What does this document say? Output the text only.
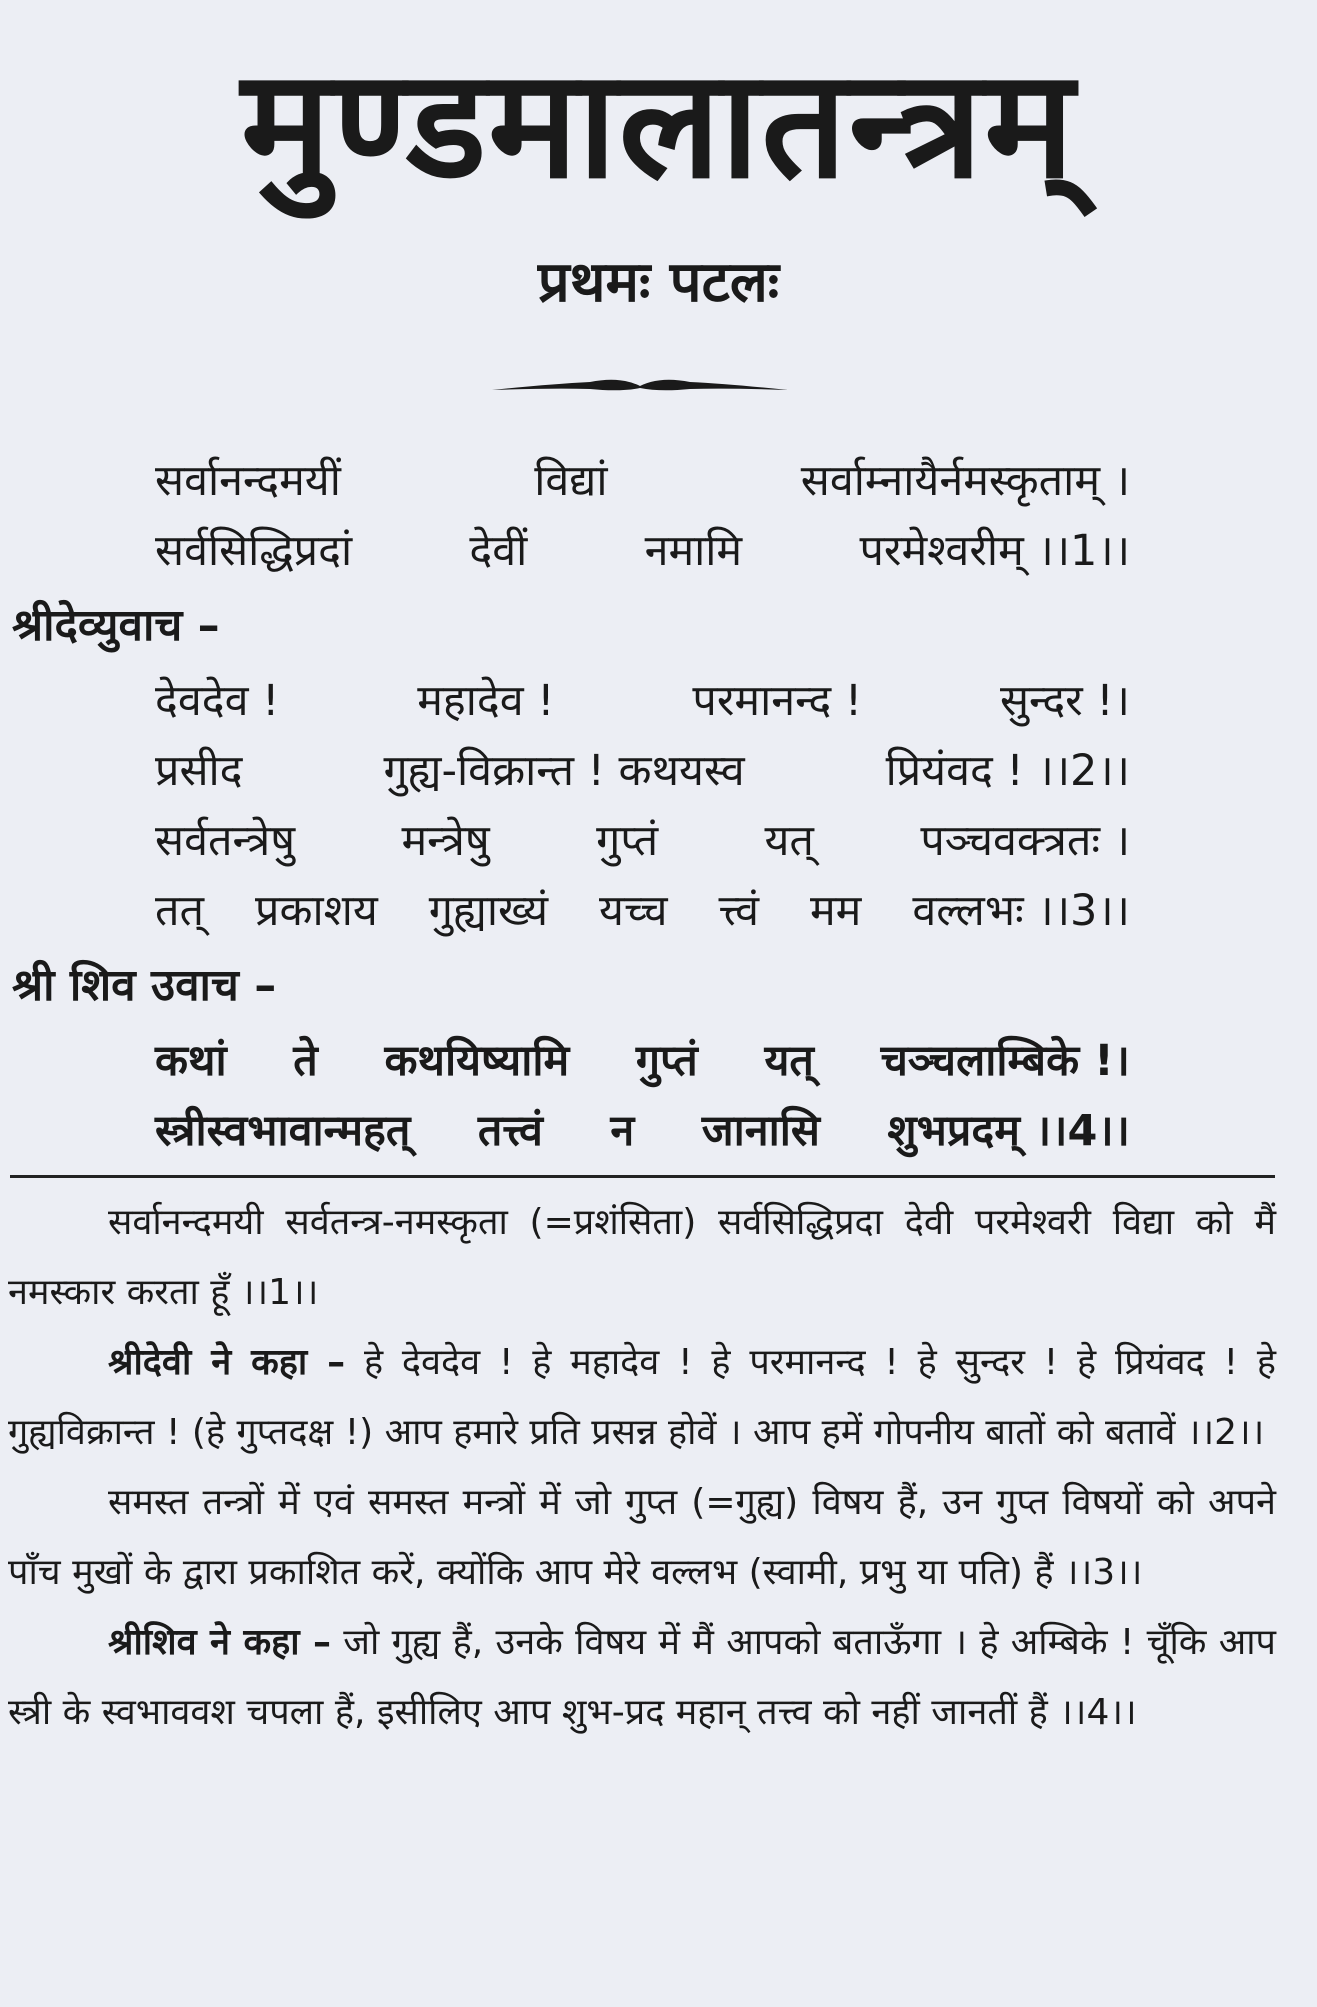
मुण्डमालातन्त्रम्
प्रथमः पटलः
सर्वानन्दमयीं	विद्यां	सर्वाम्नायैर्नमस्कृताम् ।
सर्वसिद्धिप्रदां	देवीं	नमामि	परमेश्वरीम् ।।1।।
श्रीदेव्युवाच –
देवदेव !	महादेव !	परमानन्द !	सुन्दर !।
प्रसीद	गुह्य-विक्रान्त ! कथयस्व	प्रियंवद ! ।।2।।
सर्वतन्त्रेषु मन्त्रेषु गुप्तं यत् पञ्चवक्त्रतः ।
तत् प्रकाशय गुह्याख्यं यच्च त्त्वं मम वल्लभः ।।3।।
श्री शिव उवाच –
कथां ते कथयिष्यामि गुप्तं यत् चञ्चलाम्बिके !।
स्त्रीस्वभावान्महत् तत्त्वं न जानासि शुभप्रदम् ।।4।।

सर्वानन्दमयी सर्वतन्त्र-नमस्कृता (=प्रशंसिता) सर्वसिद्धिप्रदा देवी परमेश्वरी विद्या को मैं नमस्कार करता हूँ ।।1।।

श्रीदेवी ने कहा – हे देवदेव ! हे महादेव ! हे परमानन्द ! हे सुन्दर ! हे प्रियंवद ! हे गुह्यविक्रान्त ! (हे गुप्तदक्ष !) आप हमारे प्रति प्रसन्न होवें । आप हमें गोपनीय बातों को बतावें ।।2।।

समस्त तन्त्रों में एवं समस्त मन्त्रों में जो गुप्त (=गुह्य) विषय हैं, उन गुप्त विषयों को अपने पाँच मुखों के द्वारा प्रकाशित करें, क्योंकि आप मेरे वल्लभ (स्वामी, प्रभु या पति) हैं ।।3।।

श्रीशिव ने कहा – जो गुह्य हैं, उनके विषय में मैं आपको बताऊँगा । हे अम्बिके ! चूँकि आप स्त्री के स्वभाववश चपला हैं, इसीलिए आप शुभ-प्रद महान् तत्त्व को नहीं जानतीं हैं ।।4।।
